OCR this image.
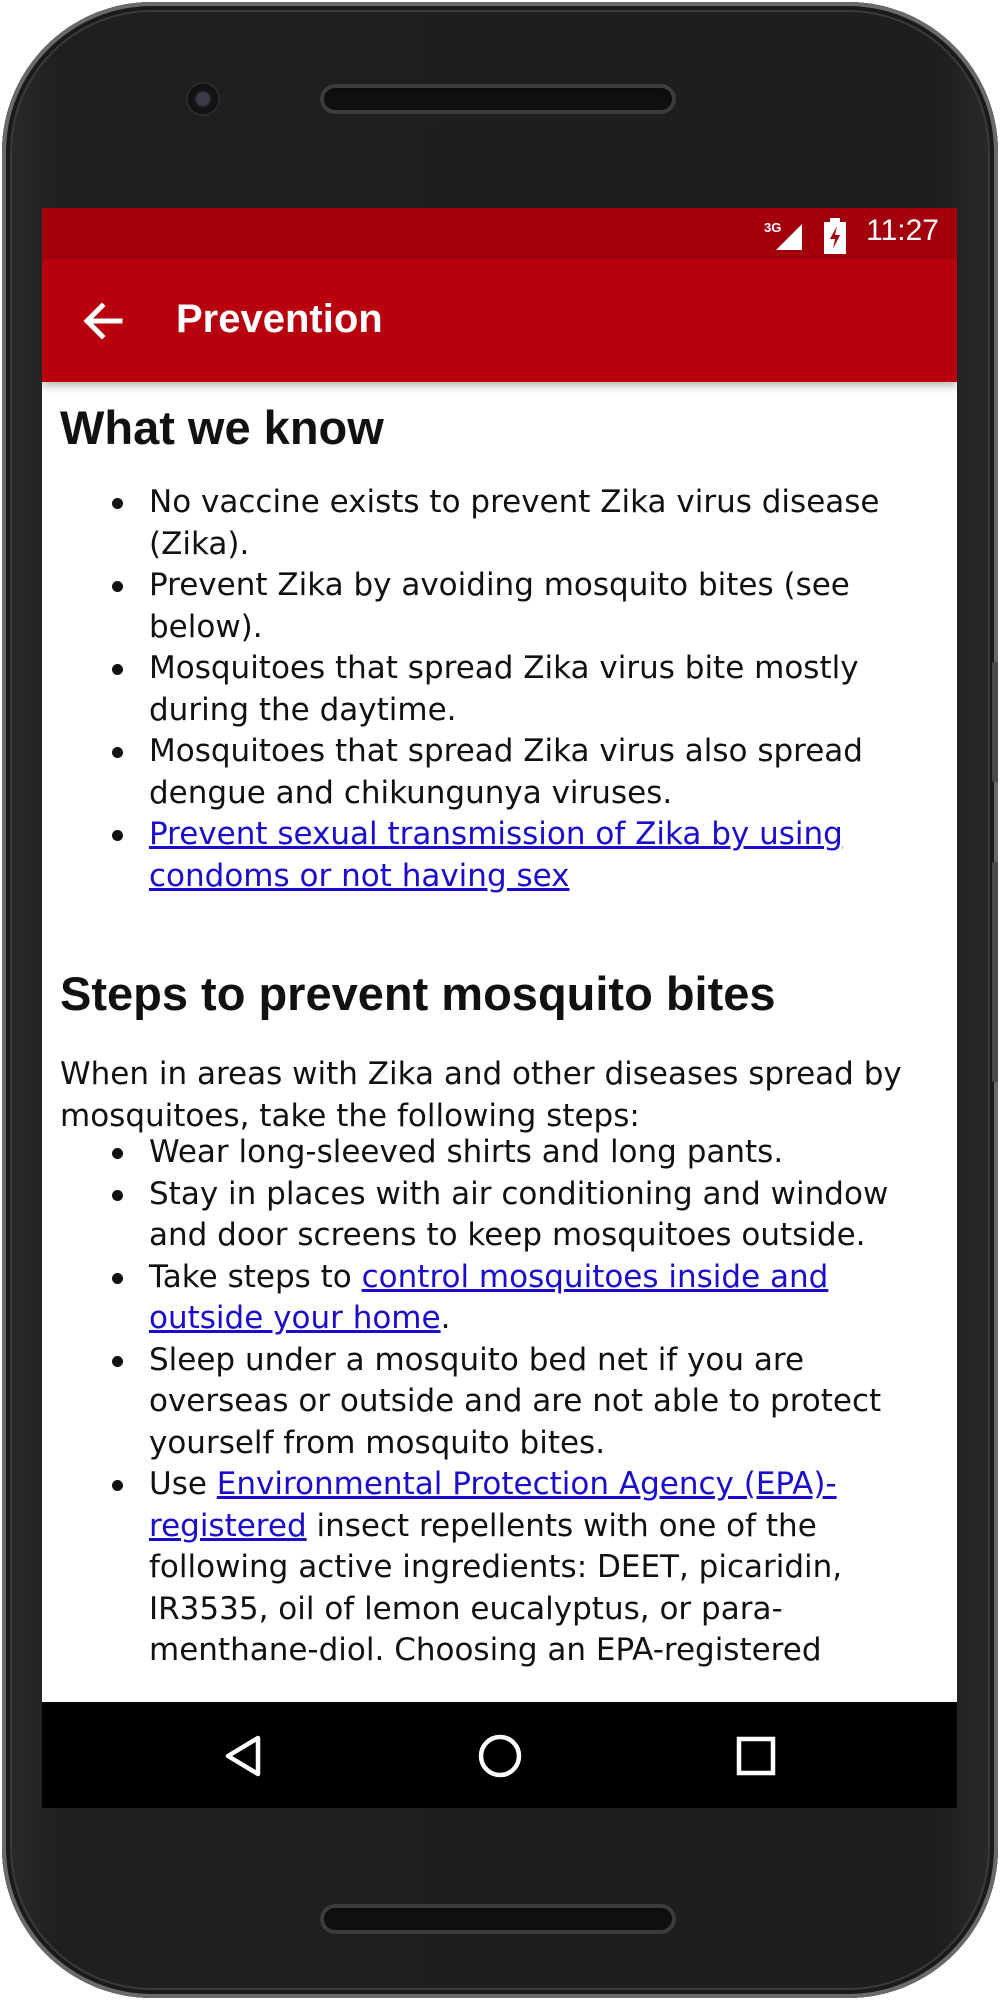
3G	11:27
Prevention
What we know
No vaccine exists to prevent Zika virus disease (Zika).
Prevent Zika by avoiding mosquito bites (see below).
Mosquitoes that spread Zika virus bite mostly during the daytime.
Mosquitoes that spread Zika virus also spread dengue and chikungunya viruses.
Prevent sexual transmission of Zika by using condoms or not having sex
Steps to prevent mosquito bites

When in areas with Zika and other diseases spread by mosquitoes, take the following steps:

Wear long-sleeved shirts and long pants.
Stay in places with air conditioning and window and door screens to keep mosquitoes outside.
Take steps to control mosquitoes inside and outside your home.
Sleep under a mosquito bed net if you are overseas or outside and are not able to protect yourself from mosquito bites.
Use Environmental Protection Agency (EPA)-registered insect repellents with one of the following active ingredients: DEET, picaridin, IR3535, oil of lemon eucalyptus, or para-menthane-diol. Choosing an EPA-registered
